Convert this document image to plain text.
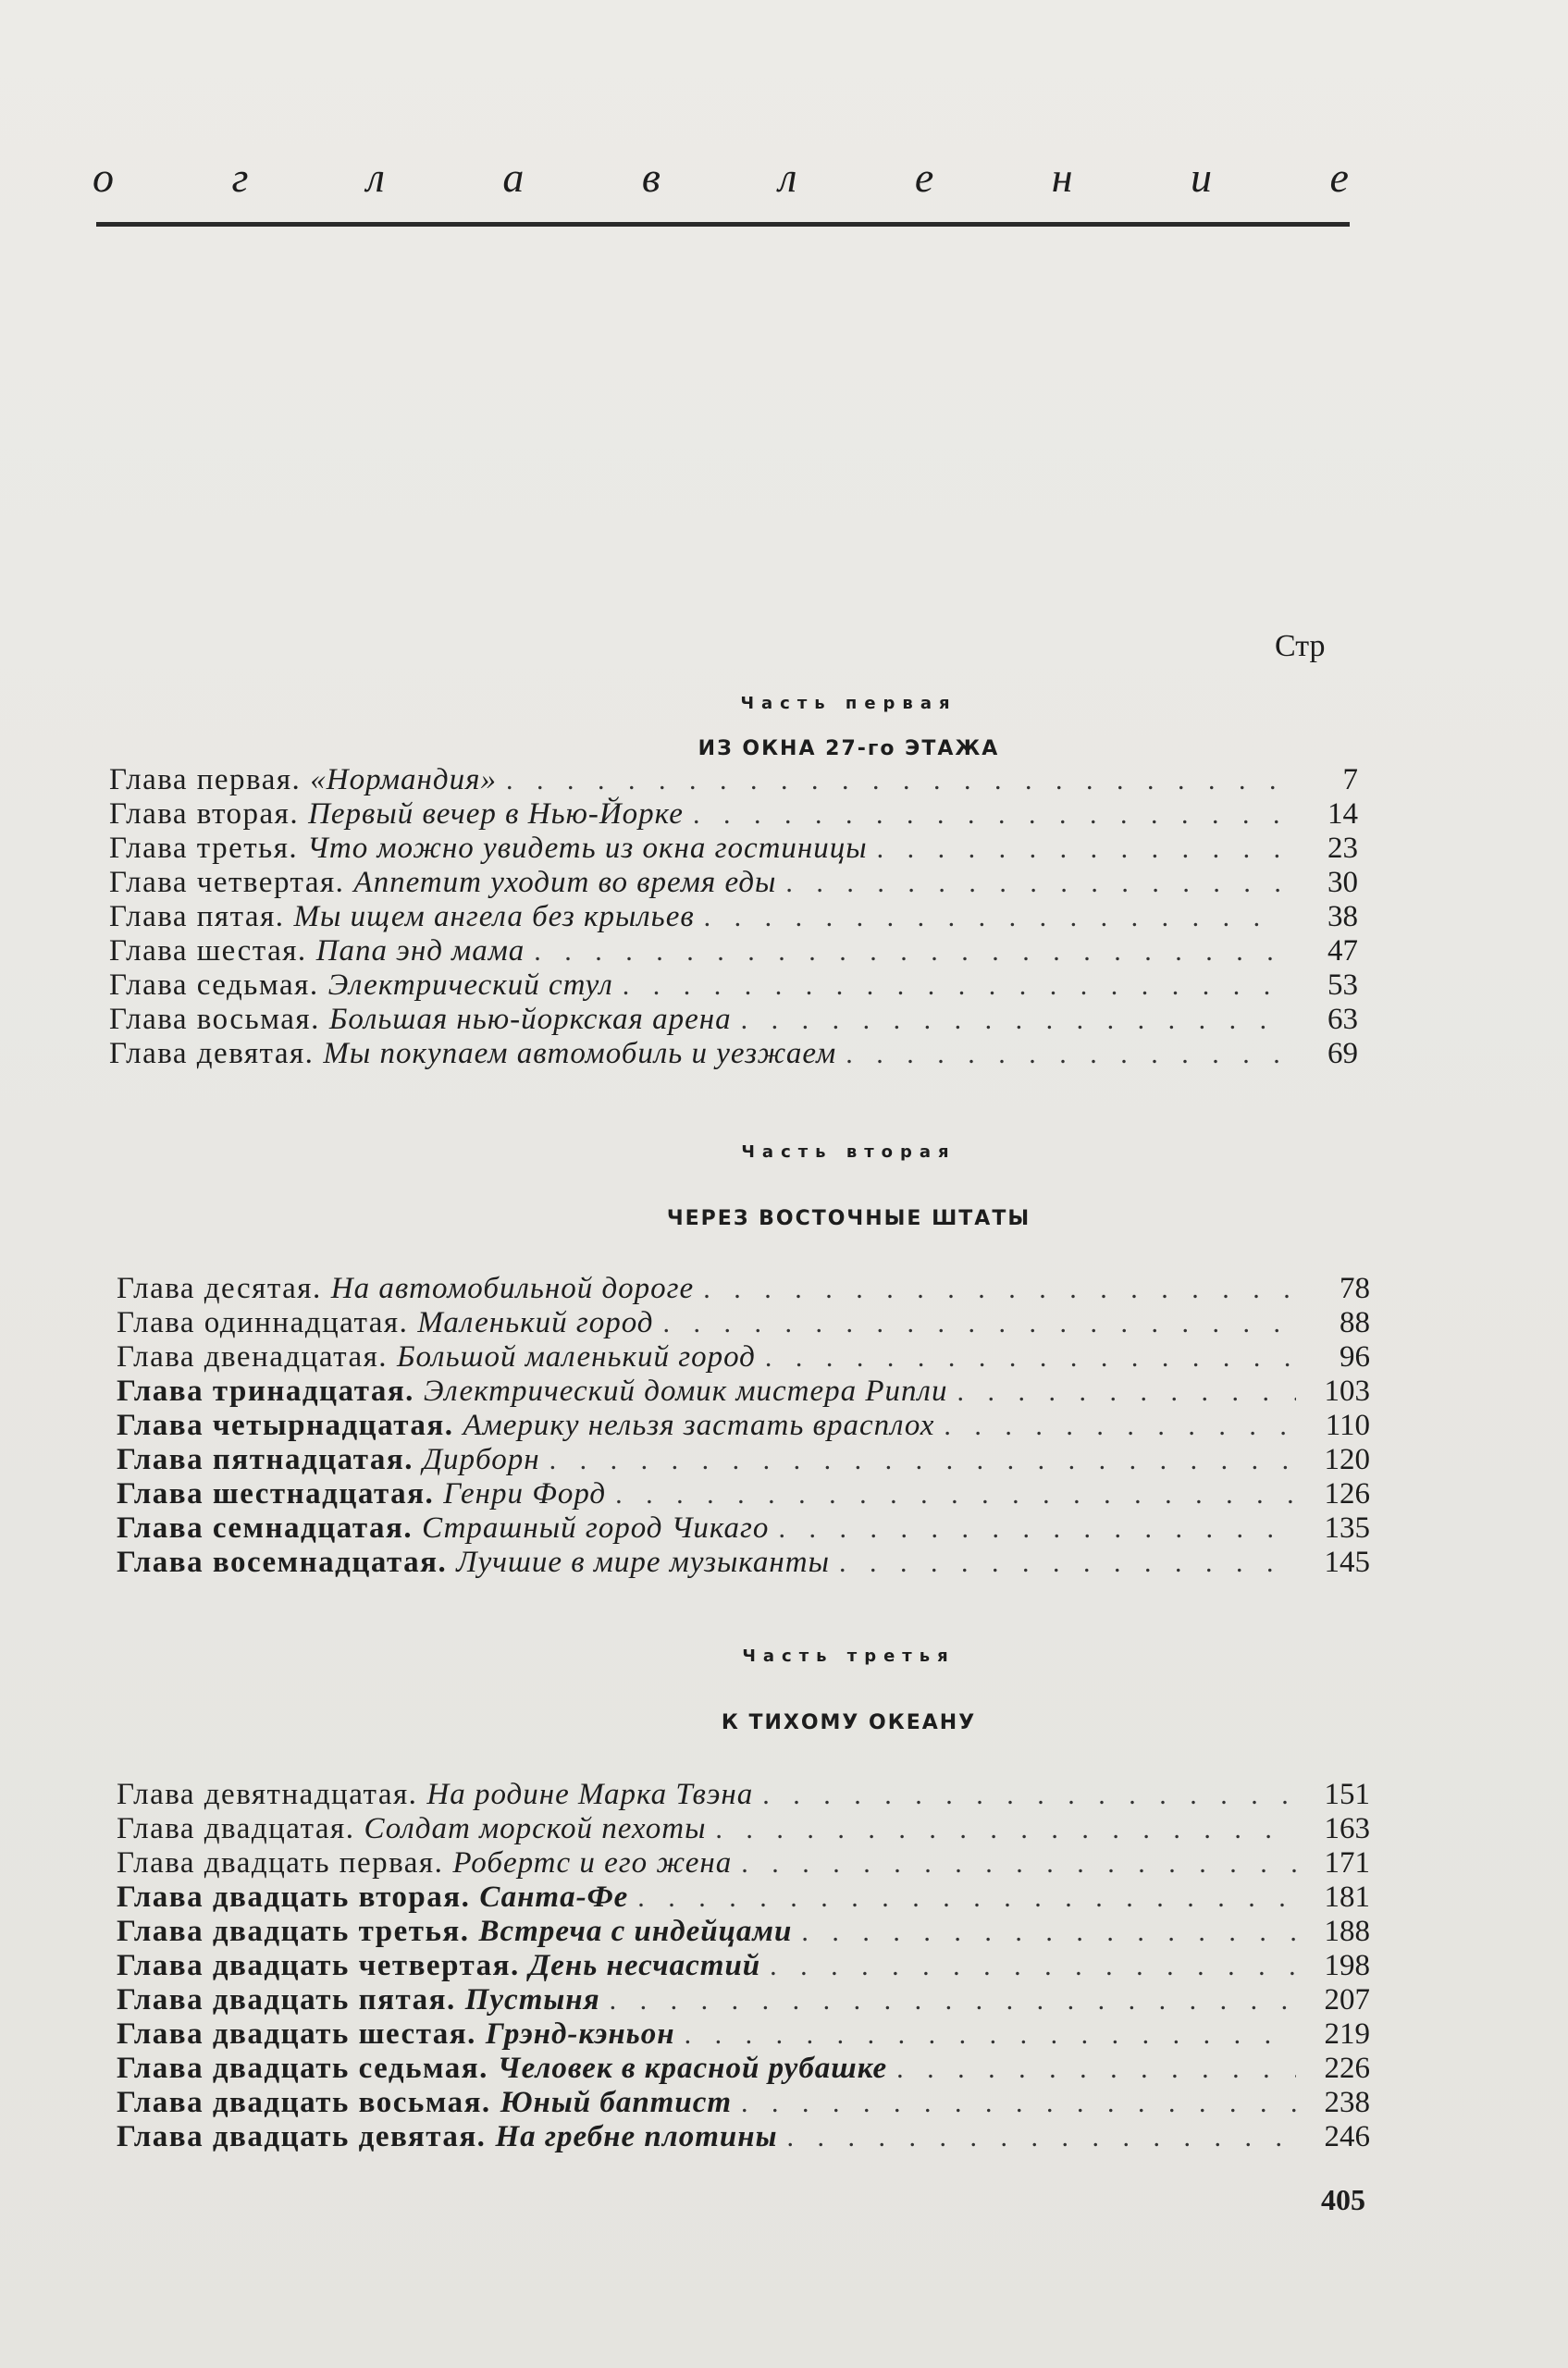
о	г	л	а	в	л	е	н	и	е
Стр
Часть первая
ИЗ ОКНА 27-го ЭТАЖА
Глава первая. «Нормандия» . . .	7
Глава вторая. Первый вечер в Нью-Йорке . . .	14
Глава третья. Что можно увидеть из окна гостиницы . . .	23
Глава четвертая. Аппетит уходит во время еды . . .	30
Глава пятая. Мы ищем ангела без крыльев . . .	38
Глава шестая. Папа энд мама . . .	47
Глава седьмая. Электрический стул . . .	53
Глава восьмая. Большая нью-йоркская арена . . .	63
Глава девятая. Мы покупаем автомобиль и уезжаем . . .	69
Часть вторая
ЧЕРЕЗ ВОСТОЧНЫЕ ШТАТЫ
Глава десятая. На автомобильной дороге . . .	78
Глава одиннадцатая. Маленький город . . .	88
Глава двенадцатая. Большой маленький город . . .	96
Глава тринадцатая. Электрический домик мистера Рипли . . .	103
Глава четырнадцатая. Америку нельзя застать врасплох . . .	110
Глава пятнадцатая. Дирборн . . .	120
Глава шестнадцатая. Генри Форд . . .	126
Глава семнадцатая. Страшный город Чикаго . . .	135
Глава восемнадцатая. Лучшие в мире музыканты . . .	145
Часть третья
К ТИХОМУ ОКЕАНУ
Глава девятнадцатая. На родине Марка Твэна . . .	151
Глава двадцатая. Солдат морской пехоты . . .	163
Глава двадцать первая. Робертс и его жена . . .	171
Глава двадцать вторая. Санта-Фе . . .	181
Глава двадцать третья. Встреча с индейцами . . .	188
Глава двадцать четвертая. День несчастий . . .	198
Глава двадцать пятая. Пустыня . . .	207
Глава двадцать шестая. Грэнд-кэньон . . .	219
Глава двадцать седьмая. Человек в красной рубашке . . .	226
Глава двадцать восьмая. Юный баптист . . .	238
Глава двадцать девятая. На гребне плотины . . .	246
405
